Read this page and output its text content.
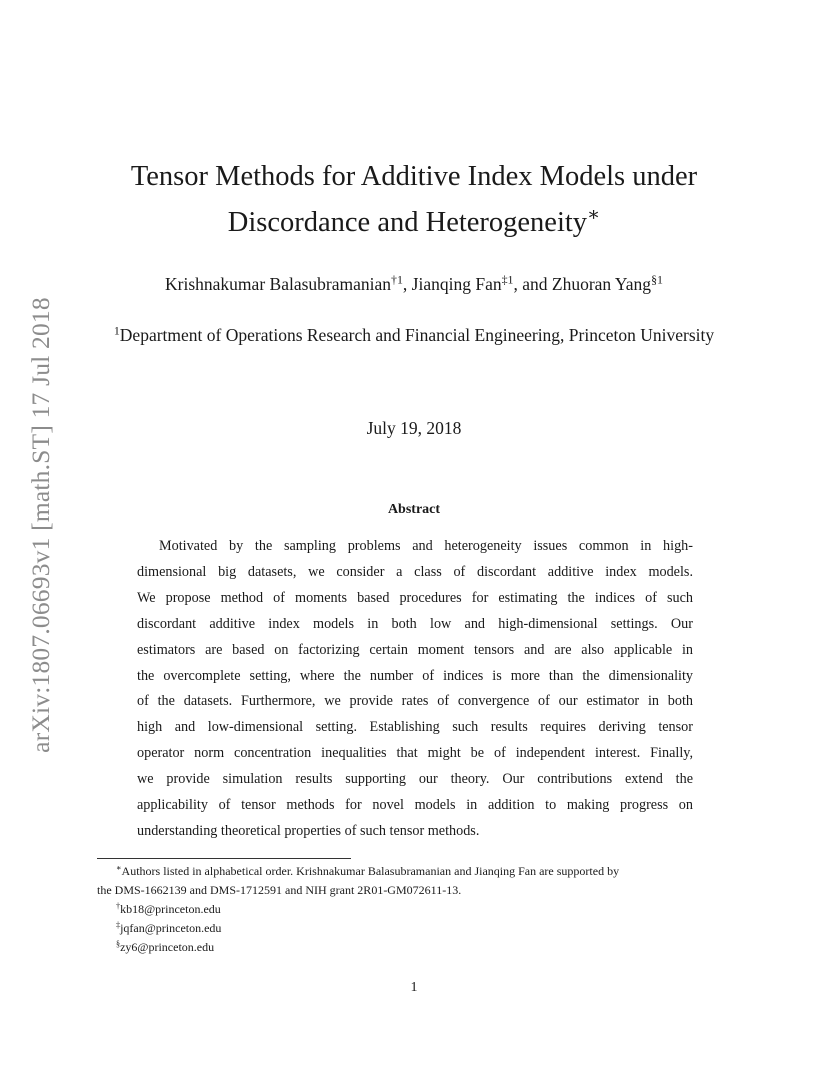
arXiv:1807.06693v1 [math.ST] 17 Jul 2018
Tensor Methods for Additive Index Models under
Discordance and Heterogeneity∗
Krishnakumar Balasubramanian$^{\dagger 1}$, Jianqing Fan$^{\ddagger 1}$, and Zhuoran Yang$^{\S 1}$
$^1$Department of Operations Research and Financial Engineering, Princeton University
July 19, 2018
Abstract
Motivated by the sampling problems and heterogeneity issues common in high-
dimensional big datasets, we consider a class of discordant additive index models.
We propose method of moments based procedures for estimating the indices of such
discordant additive index models in both low and high-dimensional settings. Our
estimators are based on factorizing certain moment tensors and are also applicable in
the overcomplete setting, where the number of indices is more than the dimensionality
of the datasets. Furthermore, we provide rates of convergence of our estimator in both
high and low-dimensional setting. Establishing such results requires deriving tensor
operator norm concentration inequalities that might be of independent interest. Finally,
we provide simulation results supporting our theory. Our contributions extend the
applicability of tensor methods for novel models in addition to making progress on
understanding theoretical properties of such tensor methods.
∗Authors listed in alphabetical order. Krishnakumar Balasubramanian and Jianqing Fan are supported by
the DMS-1662139 and DMS-1712591 and NIH grant 2R01-GM072611-13.
†kb18@princeton.edu
‡jqfan@princeton.edu
§zy6@princeton.edu
1
